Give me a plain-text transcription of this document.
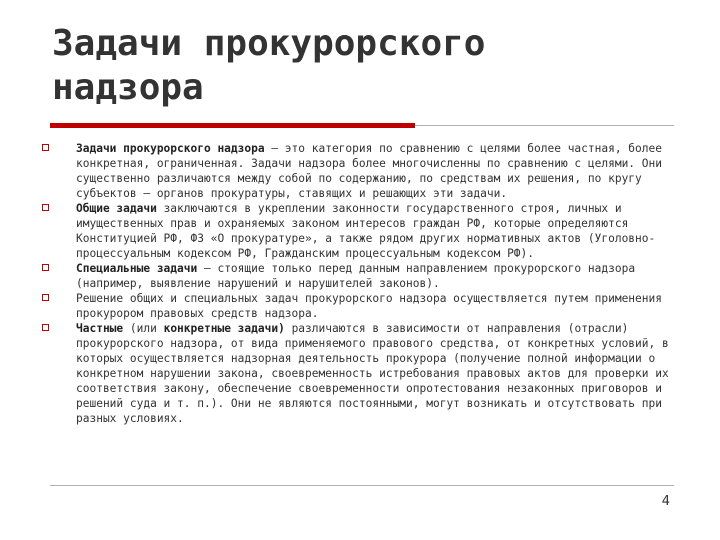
Задачи прокурорского
надзора
Задачи прокурорского надзора – это категория по сравнению с целями более частная, более конкретная, ограниченная. Задачи надзора более многочисленны по сравнению с целями. Они существенно различаются между собой по содержанию, по средствам их решения, по кругу субъектов – органов прокуратуры, ставящих и решающих эти задачи.
Общие задачи заключаются в укреплении законности государственного строя, личных и имущественных прав и охраняемых законом интересов граждан РФ, которые определяются Конституцией РФ, ФЗ «О прокуратуре», а также рядом других нормативных актов (Уголовно-процессуальным кодексом РФ, Гражданским процессуальным кодексом РФ).
Специальные задачи – стоящие только перед данным направлением прокурорского надзора (например, выявление нарушений и нарушителей законов).
Решение общих и специальных задач прокурорского надзора осуществляется путем применения прокурором правовых средств надзора.
Частные (или конкретные задачи) различаются в зависимости от направления (отрасли) прокурорского надзора, от вида применяемого правового средства, от конкретных условий, в которых осуществляется надзорная деятельность прокурора (получение полной информации о конкретном нарушении закона, своевременность истребования правовых актов для проверки их соответствия закону, обеспечение своевременности опротестования незаконных приговоров и решений суда и т. п.). Они не являются постоянными, могут возникать и отсутствовать при разных условиях.
4
